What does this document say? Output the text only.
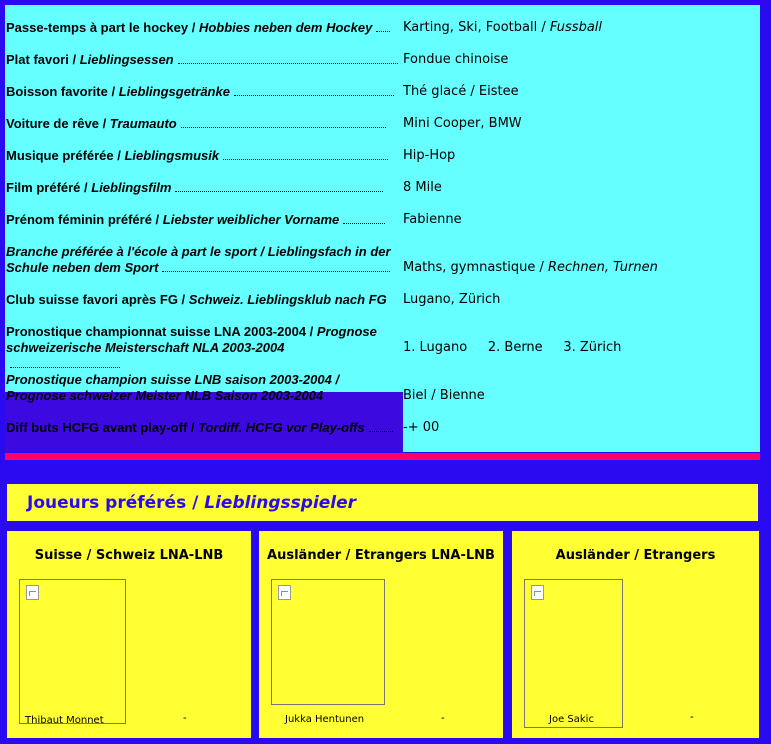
Passe-temps à part le hockey / Hobbies neben dem Hockey	Karting, Ski, Football / Fussball
Plat favori / Lieblingsessen	Fondue chinoise
Boisson favorite / Lieblingsgetränke	Thé glacé / Eistee
Voiture de rêve / Traumauto	Mini Cooper, BMW
Musique préférée / Lieblingsmusik	Hip-Hop
Film préféré / Lieblingsfilm	8 Mile
Prénom féminin préféré / Liebster weiblicher Vorname	Fabienne
Branche préférée à l'école à part le sport / Lieblingsfach in der Schule neben dem Sport	Maths, gymnastique / Rechnen, Turnen
Club suisse favori après FG / Schweiz. Lieblingsklub nach FG	Lugano, Zürich
Pronostique championnat suisse LNA 2003-2004 / Prognose schweizerische Meisterschaft NLA 2003-2004	1. Lugano     2. Berne     3. Zürich
Pronostique champion suisse LNB saison 2003-2004 / Prognose schweizer Meister NLB Saison 2003-2004	Biel / Bienne
Diff buts HCFG avant play-off / Tordiff. HCFG vor Play-offs	-+ 00
Joueurs préférés / Lieblingsspieler
Suisse / Schweiz LNA-LNB
Thibaut Monnet	-
Ausländer / Etrangers LNA-LNB
Jukka Hentunen	-
Ausländer / Etrangers
Joe Sakic	-
